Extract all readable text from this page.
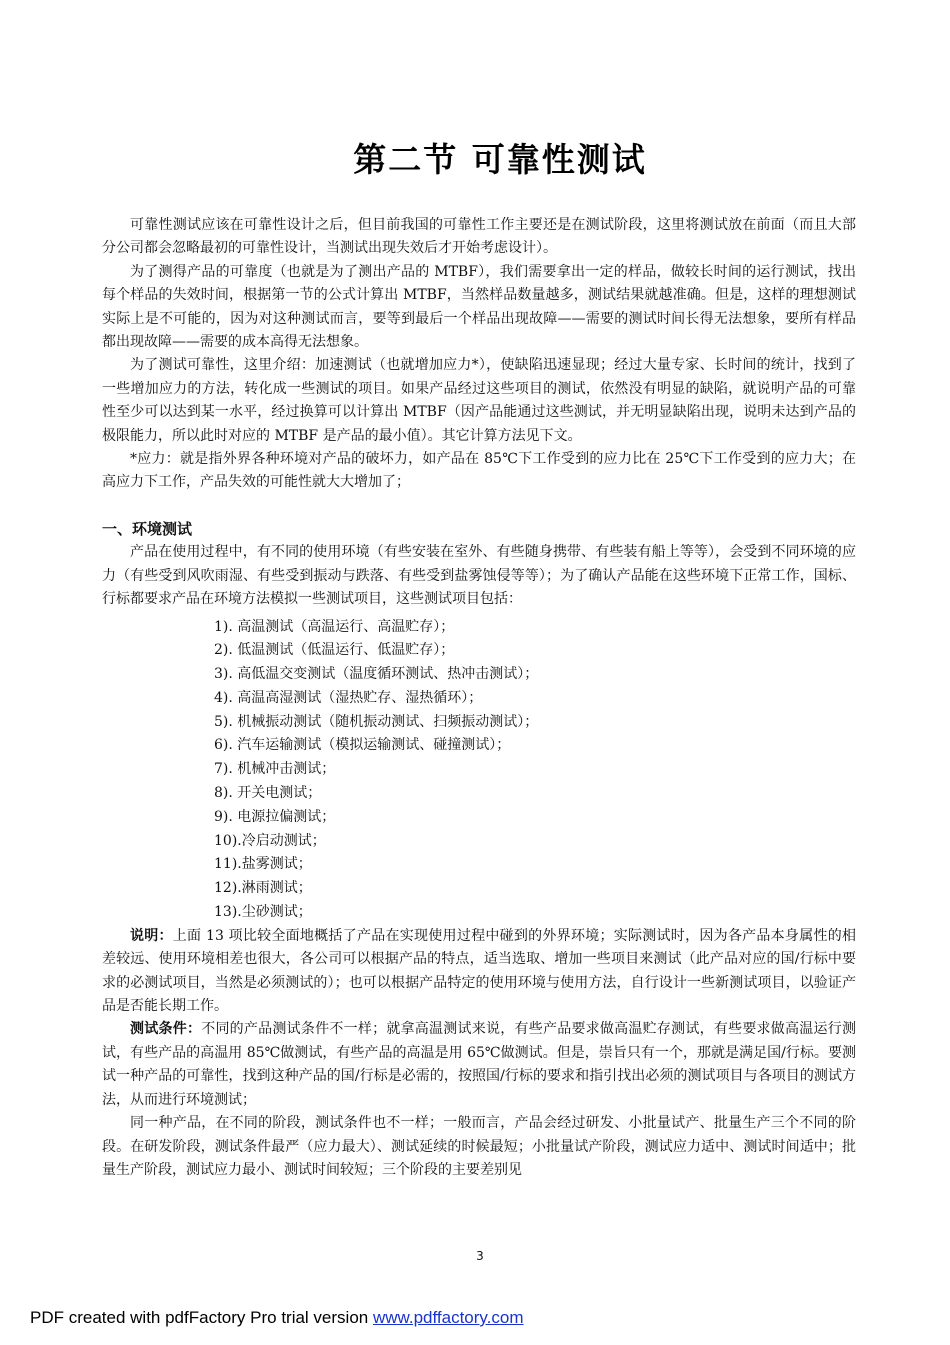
第二节 可靠性测试

可靠性测试应该在可靠性设计之后，但目前我国的可靠性工作主要还是在测试阶段，这里将测试放在前面（而且大部分公司都会忽略最初的可靠性设计，当测试出现失效后才开始考虑设计）。

为了测得产品的可靠度（也就是为了测出产品的 MTBF），我们需要拿出一定的样品，做较长时间的运行测试，找出每个样品的失效时间，根据第一节的公式计算出 MTBF，当然样品数量越多，测试结果就越准确。但是，这样的理想测试实际上是不可能的，因为对这种测试而言，要等到最后一个样品出现故障——需要的测试时间长得无法想象，要所有样品都出现故障——需要的成本高得无法想象。

为了测试可靠性，这里介绍：加速测试（也就增加应力*），使缺陷迅速显现；经过大量专家、长时间的统计，找到了一些增加应力的方法，转化成一些测试的项目。如果产品经过这些项目的测试，依然没有明显的缺陷，就说明产品的可靠性至少可以达到某一水平，经过换算可以计算出 MTBF（因产品能通过这些测试，并无明显缺陷出现，说明未达到产品的极限能力，所以此时对应的 MTBF 是产品的最小值）。其它计算方法见下文。

*应力：就是指外界各种环境对产品的破坏力，如产品在 85℃下工作受到的应力比在 25℃下工作受到的应力大；在高应力下工作，产品失效的可能性就大大增加了；

一、环境测试

产品在使用过程中，有不同的使用环境（有些安装在室外、有些随身携带、有些装有船上等等），会受到不同环境的应力（有些受到风吹雨湿、有些受到振动与跌落、有些受到盐雾蚀侵等等）；为了确认产品能在这些环境下正常工作，国标、行标都要求产品在环境方法模拟一些测试项目，这些测试项目包括：

1). 高温测试（高温运行、高温贮存）；
2). 低温测试（低温运行、低温贮存）；
3). 高低温交变测试（温度循环测试、热冲击测试）；
4). 高温高湿测试（湿热贮存、湿热循环）；
5). 机械振动测试（随机振动测试、扫频振动测试）；
6). 汽车运输测试（模拟运输测试、碰撞测试）；
7). 机械冲击测试；
8). 开关电测试；
9). 电源拉偏测试；
10).冷启动测试；
11).盐雾测试；
12).淋雨测试；
13).尘砂测试；

说明：上面 13 项比较全面地概括了产品在实现使用过程中碰到的外界环境；实际测试时，因为各产品本身属性的相差较远、使用环境相差也很大，各公司可以根据产品的特点，适当选取、增加一些项目来测试（此产品对应的国/行标中要求的必测试项目，当然是必须测试的）；也可以根据产品特定的使用环境与使用方法，自行设计一些新测试项目，以验证产品是否能长期工作。

测试条件：不同的产品测试条件不一样；就拿高温测试来说，有些产品要求做高温贮存测试，有些要求做高温运行测试，有些产品的高温用 85℃做测试，有些产品的高温是用 65℃做测试。但是，崇旨只有一个，那就是满足国/行标。要测试一种产品的可靠性，找到这种产品的国/行标是必需的，按照国/行标的要求和指引找出必须的测试项目与各项目的测试方法，从而进行环境测试；

同一种产品，在不同的阶段，测试条件也不一样；一般而言，产品会经过研发、小批量试产、批量生产三个不同的阶段。在研发阶段，测试条件最严（应力最大）、测试延续的时候最短；小批量试产阶段，测试应力适中、测试时间适中；批量生产阶段，测试应力最小、测试时间较短；三个阶段的主要差别见

3
PDF created with pdfFactory Pro trial version www.pdffactory.com
